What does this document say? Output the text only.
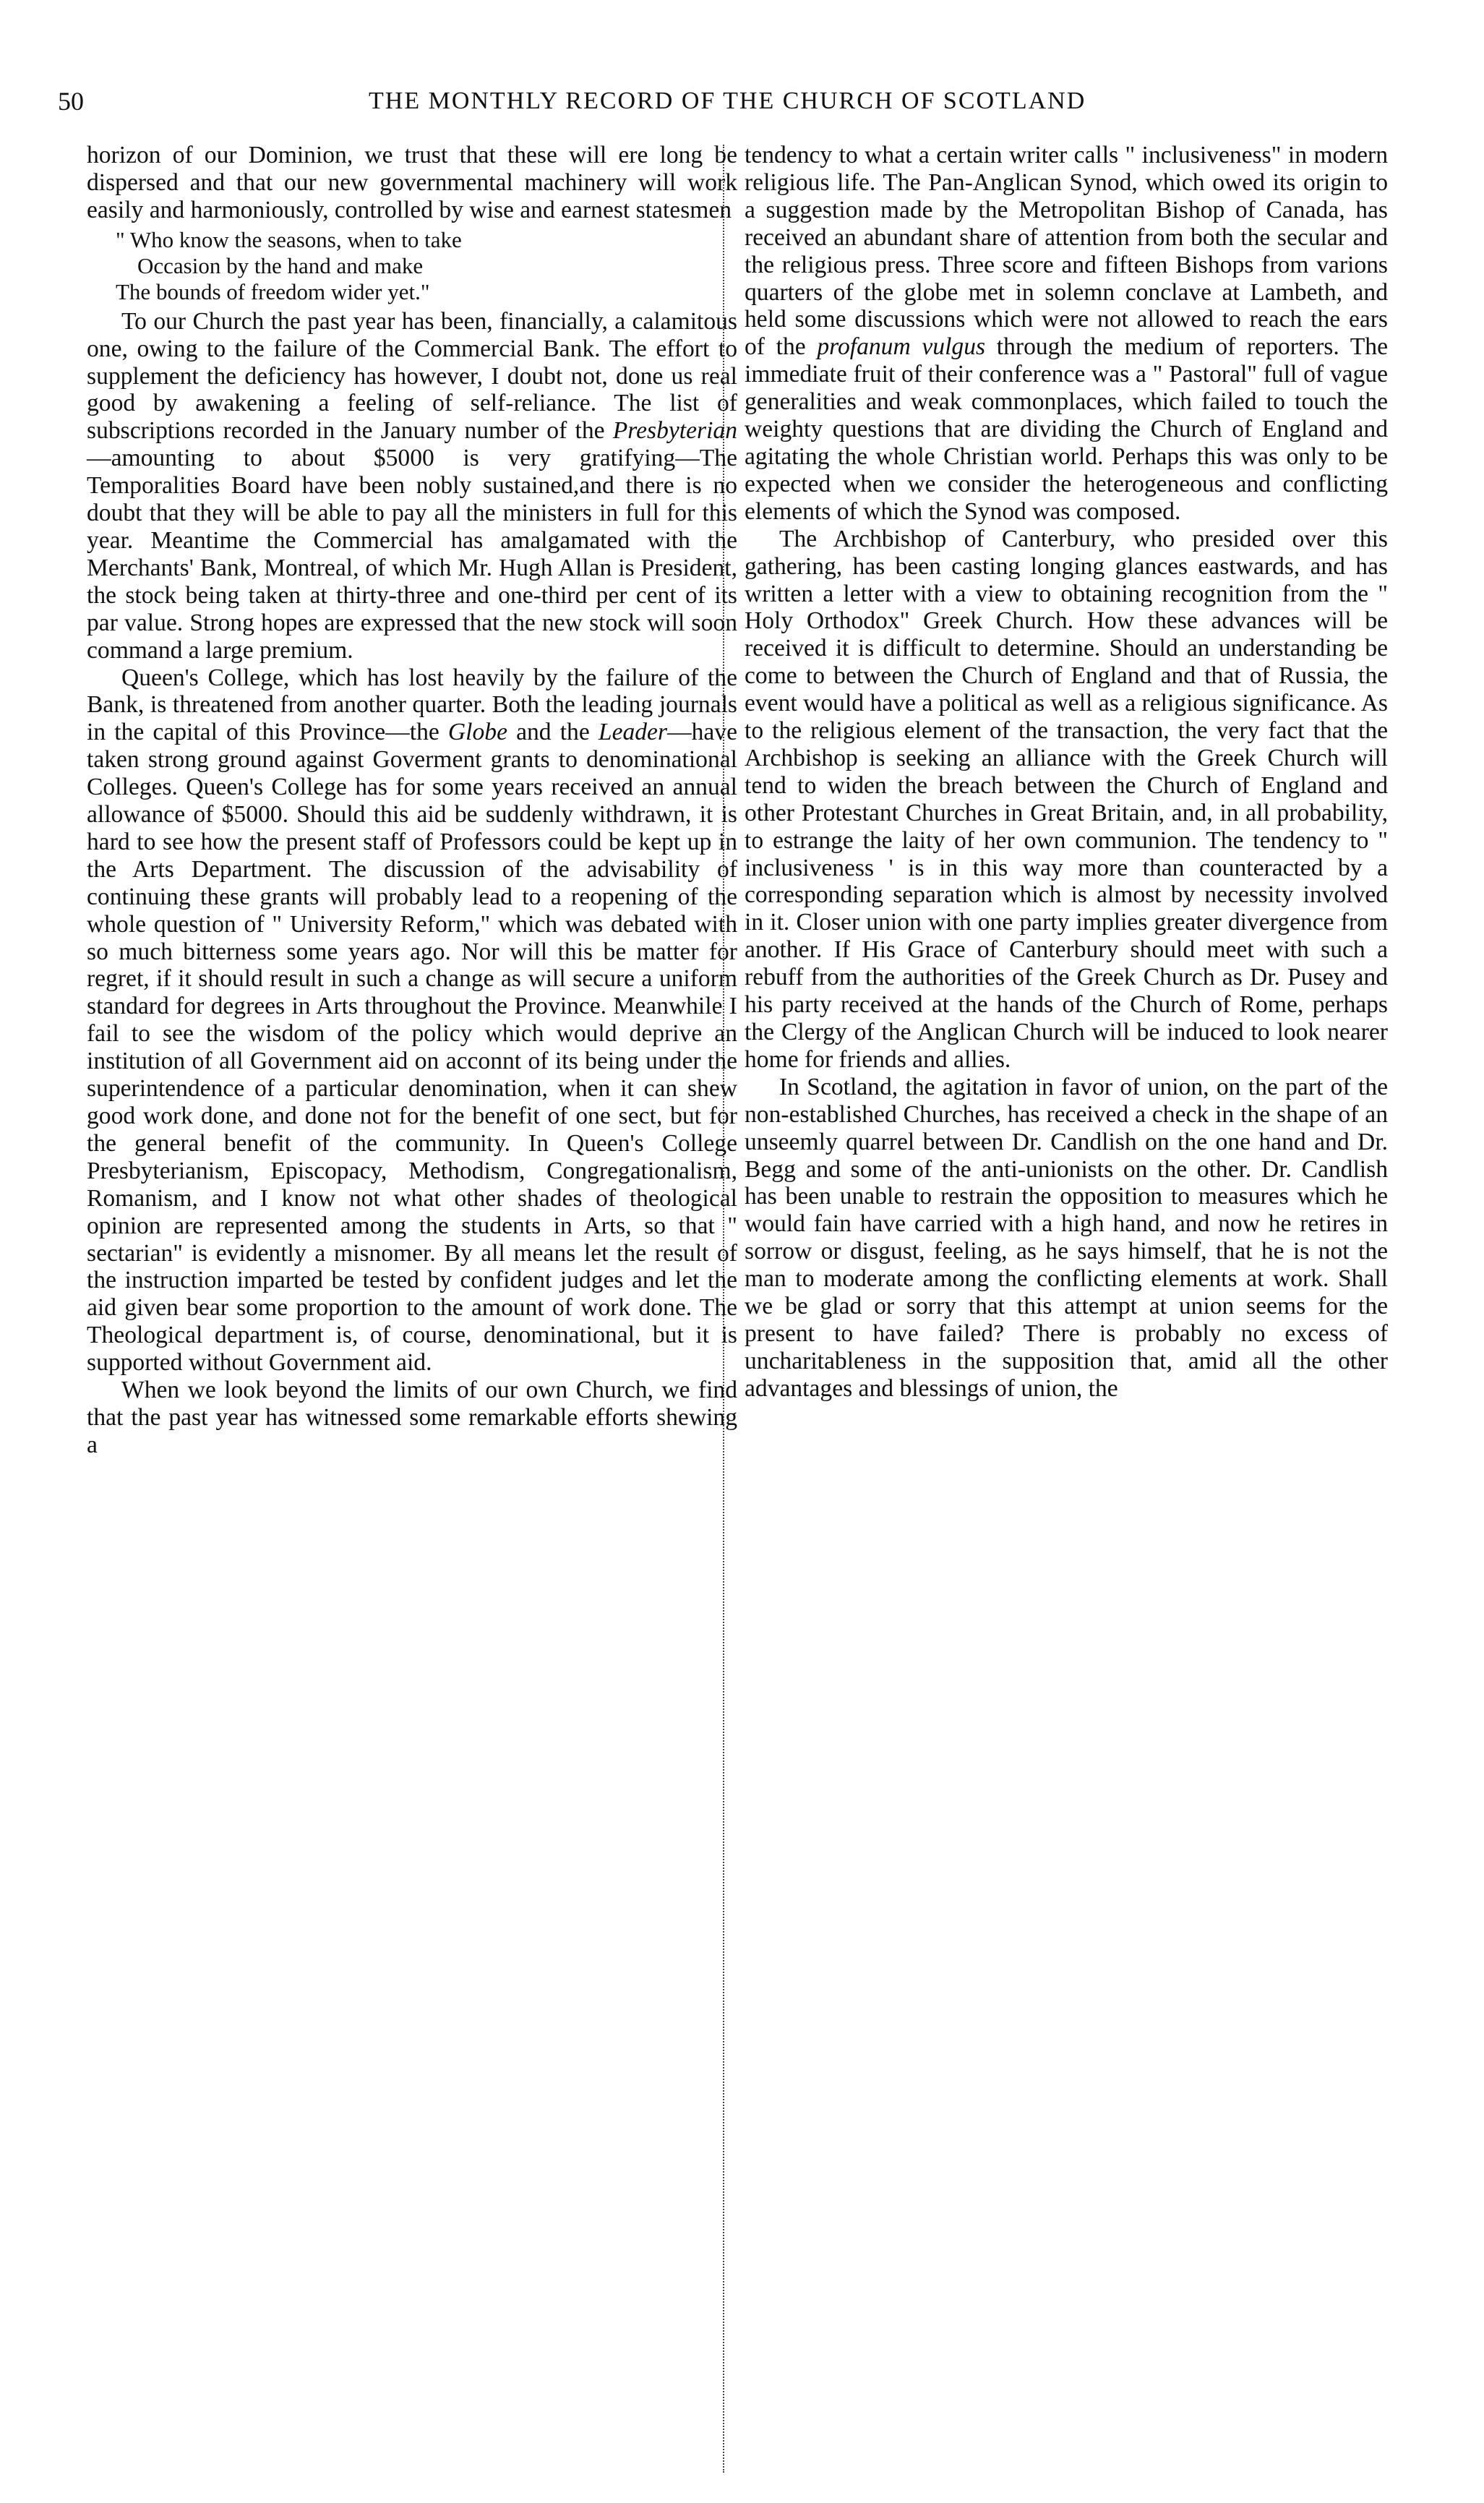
50	THE MONTHLY RECORD OF THE CHURCH OF SCOTLAND

horizon of our Dominion, we trust that these will ere long be dispersed and that our new governmental machinery will work easily and harmoniously, controlled by wise and earnest statesmen

" Who know the seasons, when to take
Occasion by the hand and make
The bounds of freedom wider yet."

To our Church the past year has been, financially, a calamitous one, owing to the failure of the Commercial Bank. The effort to supplement the deficiency has however, I doubt not, done us real good by awakening a feeling of self-reliance. The list of subscriptions recorded in the January number of the Presbyterian—amounting to about $5000 is very gratifying—The Temporalities Board have been nobly sustained,and there is no doubt that they will be able to pay all the ministers in full for this year. Meantime the Commercial has amalgamated with the Merchants' Bank, Montreal, of which Mr. Hugh Allan is President, the stock being taken at thirty-three and one-third per cent of its par value. Strong hopes are expressed that the new stock will soon command a large premium.

Queen's College, which has lost heavily by the failure of the Bank, is threatened from another quarter. Both the leading journals in the capital of this Province—the Globe and the Leader—have taken strong ground against Goverment grants to denominational Colleges. Queen's College has for some years received an annual allowance of $5000. Should this aid be suddenly withdrawn, it is hard to see how the present staff of Professors could be kept up in the Arts Department. The discussion of the advisability of continuing these grants will probably lead to a reopening of the whole question of " University Reform," which was debated with so much bitterness some years ago. Nor will this be matter for regret, if it should result in such a change as will secure a uniform standard for degrees in Arts throughout the Province. Meanwhile I fail to see the wisdom of the policy which would deprive an institution of all Government aid on acconnt of its being under the superintendence of a particular denomination, when it can shew good work done, and done not for the benefit of one sect, but for the general benefit of the community. In Queen's College Presbyterianism, Episcopacy, Methodism, Congregationalism, Romanism, and I know not what other shades of theological opinion are represented among the students in Arts, so that " sectarian" is evidently a misnomer. By all means let the result of the instruction imparted be tested by confident judges and let the aid given bear some proportion to the amount of work done. The Theological department is, of course, denominational, but it is supported without Government aid.

When we look beyond the limits of our own Church, we find that the past year has witnessed some remarkable efforts shewing a

tendency to what a certain writer calls " inclusiveness" in modern religious life. The Pan-Anglican Synod, which owed its origin to a suggestion made by the Metropolitan Bishop of Canada, has received an abundant share of attention from both the secular and the religious press. Three score and fifteen Bishops from varions quarters of the globe met in solemn conclave at Lambeth, and held some discussions which were not allowed to reach the ears of the profanum vulgus through the medium of reporters. The immediate fruit of their conference was a " Pastoral" full of vague generalities and weak commonplaces, which failed to touch the weighty questions that are dividing the Church of England and agitating the whole Christian world. Perhaps this was only to be expected when we consider the heterogeneous and conflicting elements of which the Synod was composed.

The Archbishop of Canterbury, who presided over this gathering, has been casting longing glances eastwards, and has written a letter with a view to obtaining recognition from the " Holy Orthodox" Greek Church. How these advances will be received it is difficult to determine. Should an understanding be come to between the Church of England and that of Russia, the event would have a political as well as a religious significance. As to the religious element of the transaction, the very fact that the Archbishop is seeking an alliance with the Greek Church will tend to widen the breach between the Church of England and other Protestant Churches in Great Britain, and, in all probability, to estrange the laity of her own communion. The tendency to " inclusiveness ' is in this way more than counteracted by a corresponding separation which is almost by necessity involved in it. Closer union with one party implies greater divergence from another. If His Grace of Canterbury should meet with such a rebuff from the authorities of the Greek Church as Dr. Pusey and his party received at the hands of the Church of Rome, perhaps the Clergy of the Anglican Church will be induced to look nearer home for friends and allies.

In Scotland, the agitation in favor of union, on the part of the non-established Churches, has received a check in the shape of an unseemly quarrel between Dr. Candlish on the one hand and Dr. Begg and some of the anti-unionists on the other. Dr. Candlish has been unable to restrain the opposition to measures which he would fain have carried with a high hand, and now he retires in sorrow or disgust, feeling, as he says himself, that he is not the man to moderate among the conflicting elements at work. Shall we be glad or sorry that this attempt at union seems for the present to have failed? There is probably no excess of uncharitableness in the supposition that, amid all the other advantages and blessings of union, the
